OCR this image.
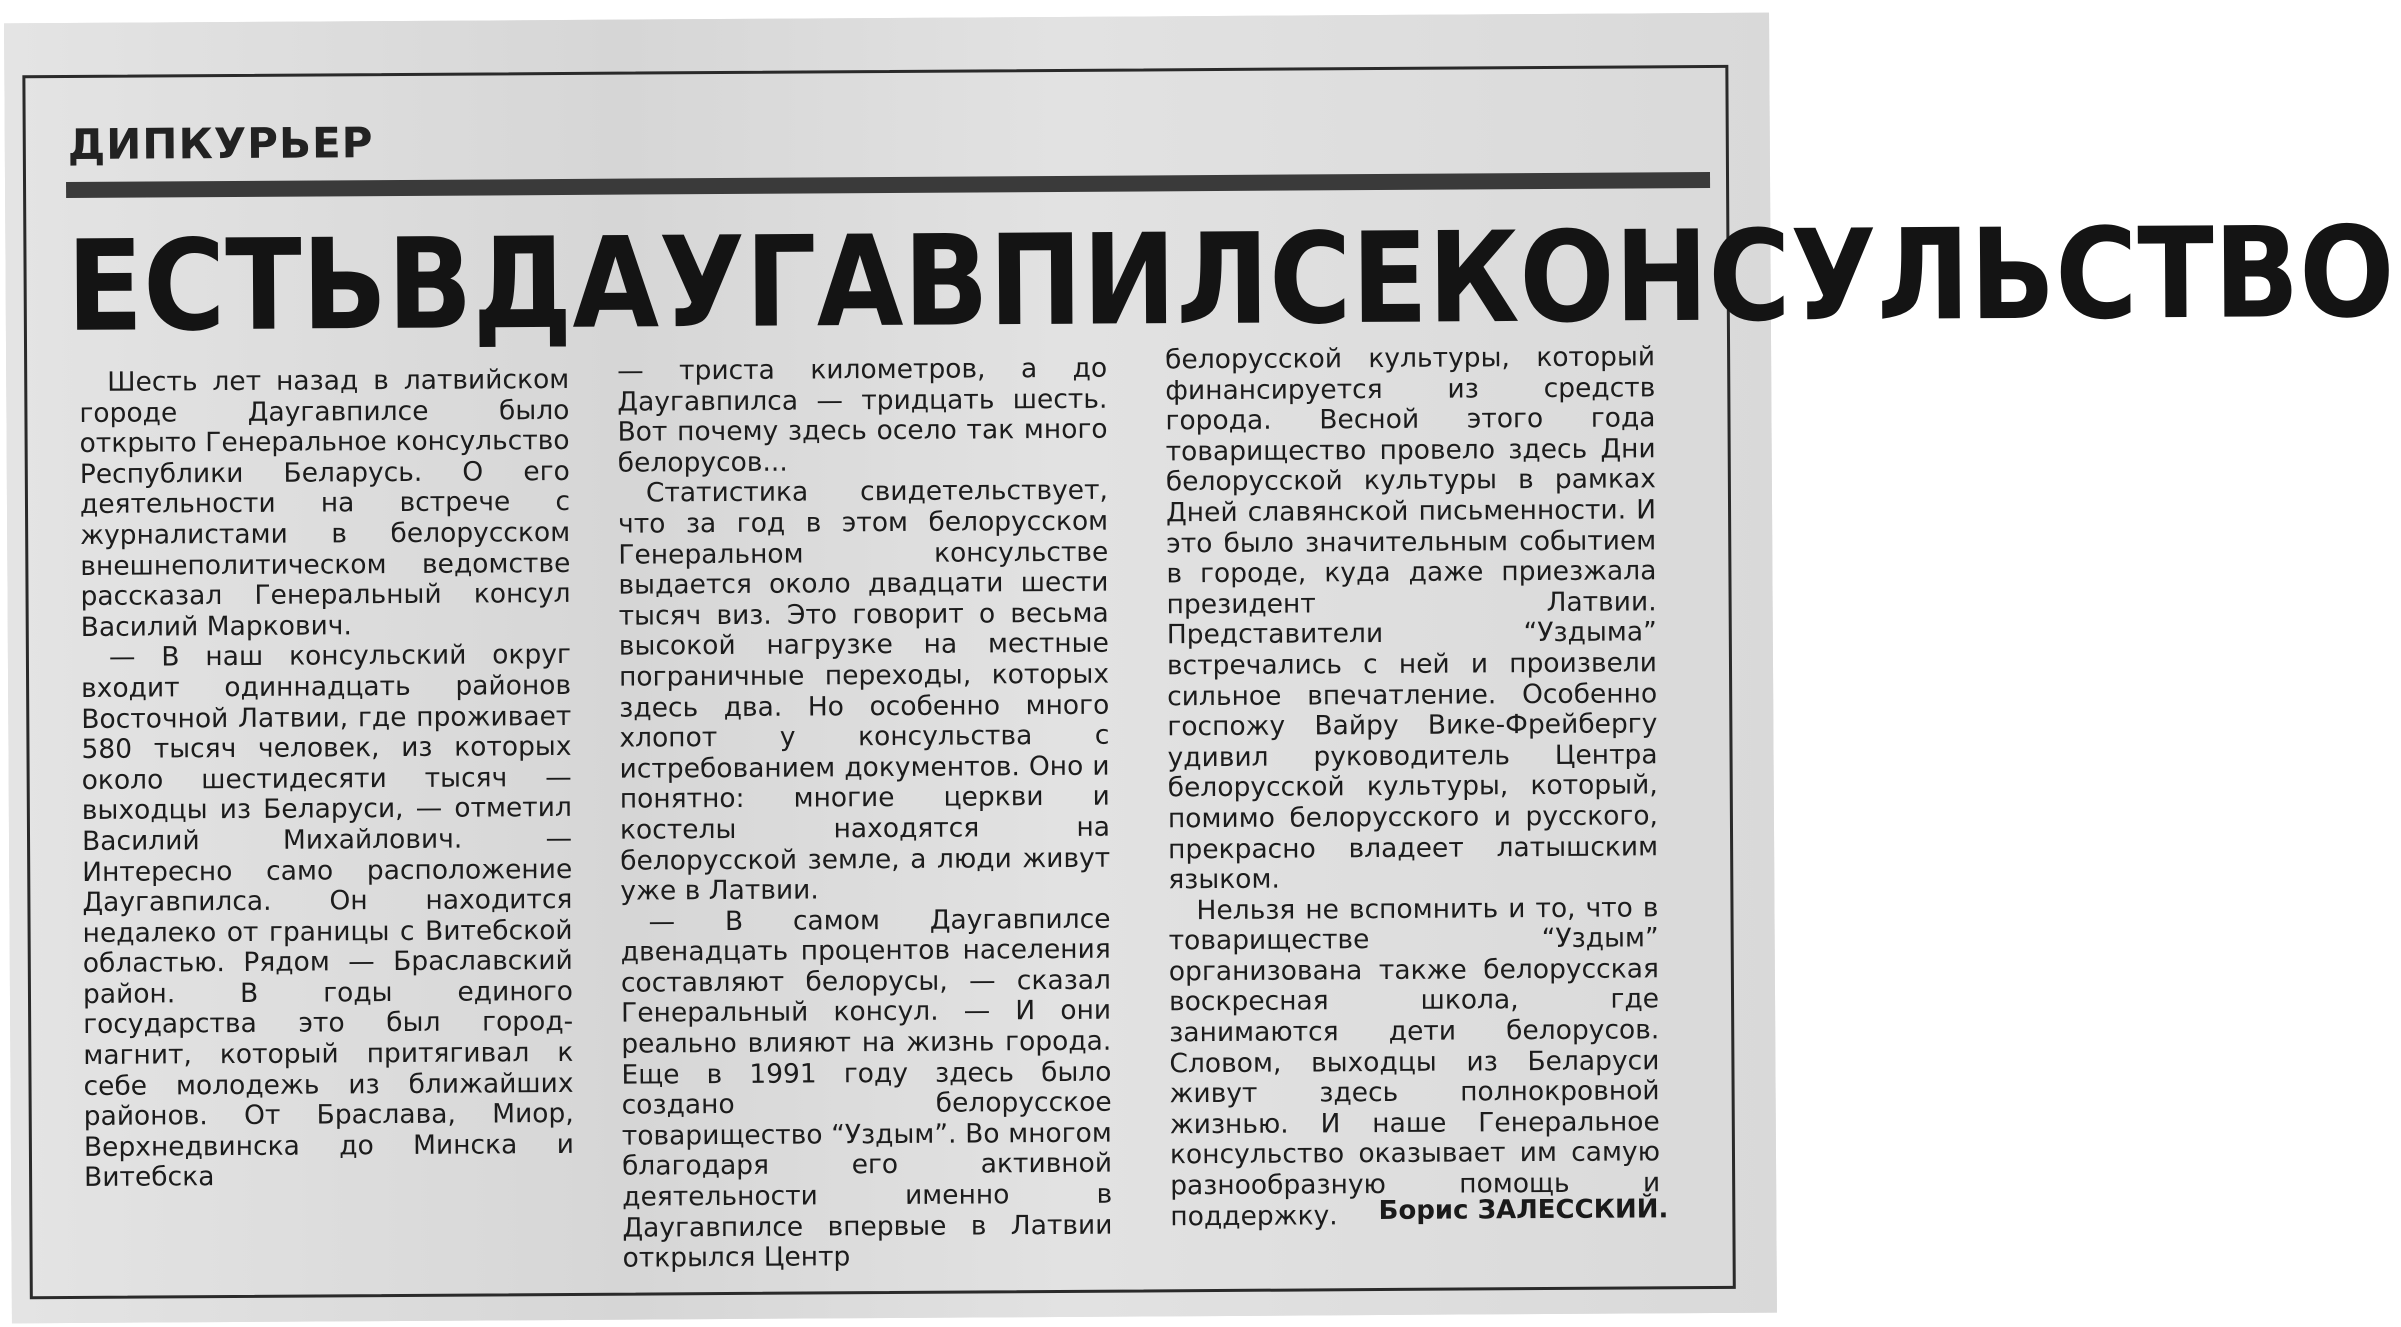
ДИПКУРЬЕР
ЕСТЬ В ДАУГАВПИЛСЕ КОНСУЛЬСТВО

Шесть лет назад в латвийском городе Даугавпилсе было открыто Генеральное консульство Республики Беларусь. О его деятельности на встрече с журналистами в белорусском внешнеполитическом ведомстве рассказал Генеральный консул Василий Маркович.

— В наш консульский округ входит одиннадцать районов Восточной Латвии, где проживает 580 тысяч человек, из которых около шестидесяти тысяч — выходцы из Беларуси, — отметил Василий Михайлович. — Интересно само расположение Даугавпилса. Он находится недалеко от границы с Витебской областью. Рядом — Браславский район. В годы единого государства это был город-магнит, который притягивал к себе молодежь из ближайших районов. От Браслава, Миор, Верхнедвинска до Минска и Витебска

— триста километров, а до Даугавпилса — тридцать шесть. Вот почему здесь осело так много белорусов...

Статистика свидетельствует, что за год в этом белорусском Генеральном консульстве выдается около двадцати шести тысяч виз. Это говорит о весьма высокой нагрузке на местные пограничные переходы, которых здесь два. Но особенно много хлопот у консульства с истребованием документов. Оно и понятно: многие церкви и костелы находятся на белорусской земле, а люди живут уже в Латвии.

— В самом Даугавпилсе двенадцать процентов населения составляют белорусы, — сказал Генеральный консул. — И они реально влияют на жизнь города. Еще в 1991 году здесь было создано белорусское товарищество “Уздым”. Во многом благодаря его активной деятельности именно в Даугавпилсе впервые в Латвии открылся Центр

белорусской культуры, который финансируется из средств города. Весной этого года товарищество провело здесь Дни белорусской культуры в рамках Дней славянской письменности. И это было значительным событием в городе, куда даже приезжала президент Латвии. Представители “Уздыма” встречались с ней и произвели сильное впечатление. Особенно госпожу Вайру Вике-Фрейбергу удивил руководитель Центра белорусской культуры, который, помимо белорусского и русского, прекрасно владеет латышским языком.

Нельзя не вспомнить и то, что в товариществе “Уздым” организована также белорусская воскресная школа, где занимаются дети белорусов. Словом, выходцы из Беларуси живут здесь полнокровной жизнью. И наше Генеральное консульство оказывает им самую разнообразную помощь и поддержку.	Борис ЗАЛЕССКИЙ.
